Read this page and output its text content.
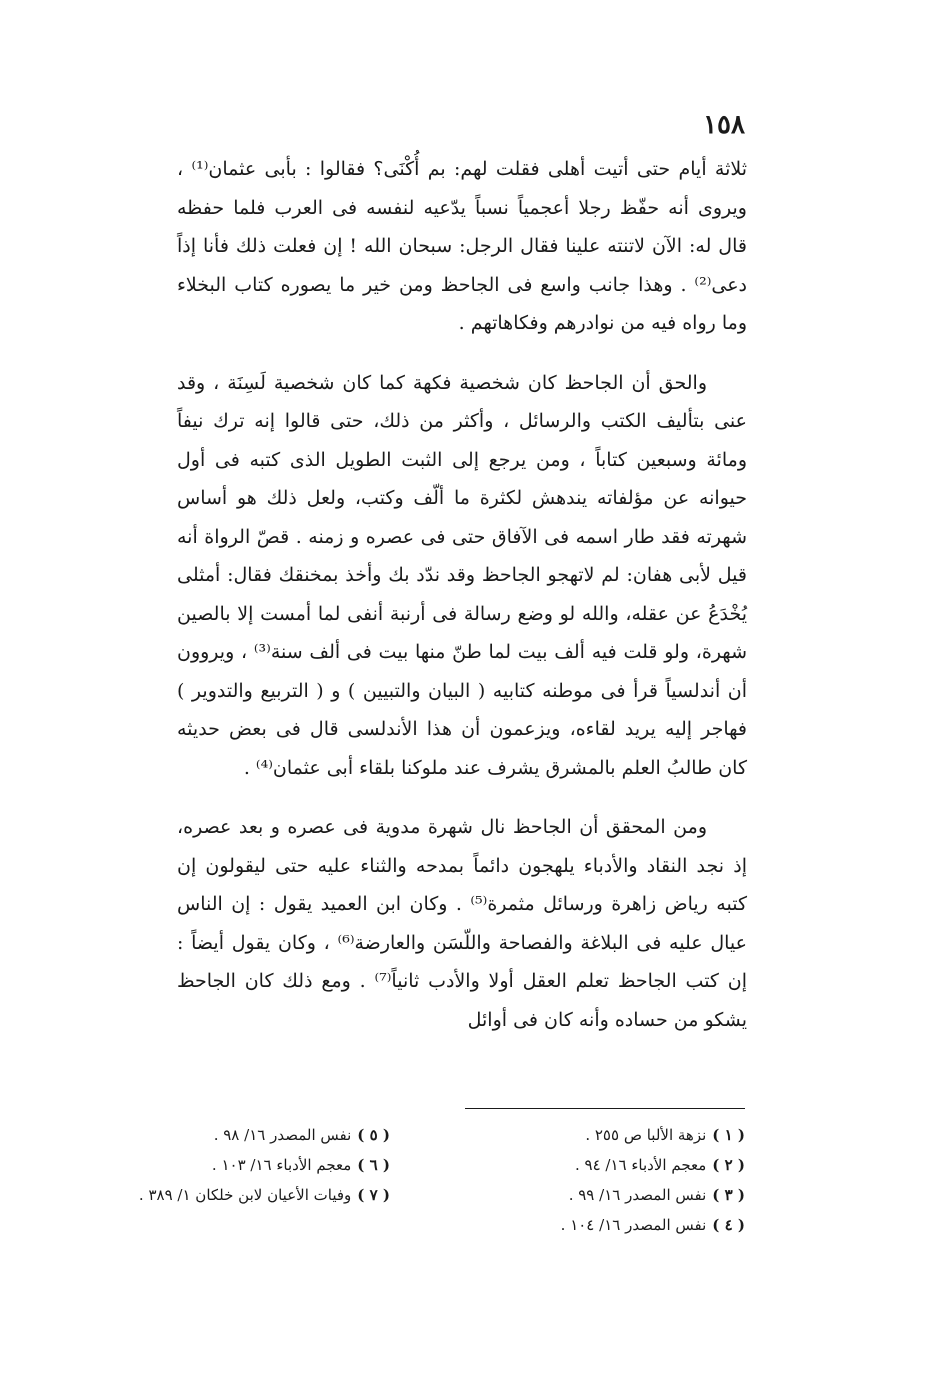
١٥٨

ثلاثة أيام حتى أتيت أهلى فقلت لهم: بم أُكْنَى؟ فقالوا : بأبى عثمان⁽¹⁾ ، ويروى أنه حفّظ رجلا أعجمياً نسباً يدّعيه لنفسه فى العرب فلما حفظه قال له: الآن لاتنته علينا فقال الرجل: سبحان الله ! إن فعلت ذلك فأنا إذاً دعى⁽²⁾ . وهذا جانب واسع فى الجاحظ ومن خير ما يصوره كتاب البخلاء وما رواه فيه من نوادرهم وفكاهاتهم .

والحق أن الجاحظ كان شخصية فكهة كما كان شخصية لَسِنَة ، وقد عنى بتأليف الكتب والرسائل ، وأكثر من ذلك، حتى قالوا إنه ترك نيفاً ومائة وسبعين كتاباً ، ومن يرجع إلى الثبت الطويل الذى كتبه فى أول حيوانه عن مؤلفاته يندهش لكثرة ما ألّف وكتب، ولعل ذلك هو أساس شهرته فقد طار اسمه فى الآفاق حتى فى عصره و زمنه . قصّ الرواة أنه قيل لأبى هفان: لم لاتهجو الجاحظ وقد ندّد بك وأخذ بمخنقك فقال: أمثلى يُخْدَعُ عن عقله، والله لو وضع رسالة فى أرنبة أنفى لما أمست إلا بالصين شهرة، ولو قلت فيه ألف بيت لما طنّ منها بيت فى ألف سنة⁽³⁾ ، ويروون أن أندلسياً قرأ فى موطنه كتابيه ( البيان والتبيين ) و ( التربيع والتدوير ) فهاجر إليه يريد لقاءه، ويزعمون أن هذا الأندلسى قال فى بعض حديثه كان طالبُ العلم بالمشرق يشرف عند ملوكنا بلقاء أبى عثمان⁽⁴⁾ .

ومن المحقق أن الجاحظ نال شهرة مدوية فى عصره و بعد عصره، إذ نجد النقاد والأدباء يلهجون دائماً بمدحه والثناء عليه حتى ليقولون إن كتبه رياض زاهرة ورسائل مثمرة⁽⁵⁾ . وكان ابن العميد يقول : إن الناس عيال عليه فى البلاغة والفصاحة واللّسَن والعارضة⁽⁶⁾ ، وكان يقول أيضاً : إن كتب الجاحظ تعلم العقل أولا والأدب ثانياً⁽⁷⁾ . ومع ذلك كان الجاحظ يشكو من حساده وأنه كان فى أوائل

( ١ )نزهة الألبا ص ٢٥٥ .
( ٢ )معجم الأدباء ١٦/ ٩٤ .
( ٣ )نفس المصدر ١٦/ ٩٩ .
( ٤ )نفس المصدر ١٦/ ١٠٤ .
( ٥ )نفس المصدر ١٦/ ٩٨ .
( ٦ )معجم الأدباء ١٦/ ١٠٣ .
( ٧ )وفيات الأعيان لابن خلكان ١/ ٣٨٩ .
